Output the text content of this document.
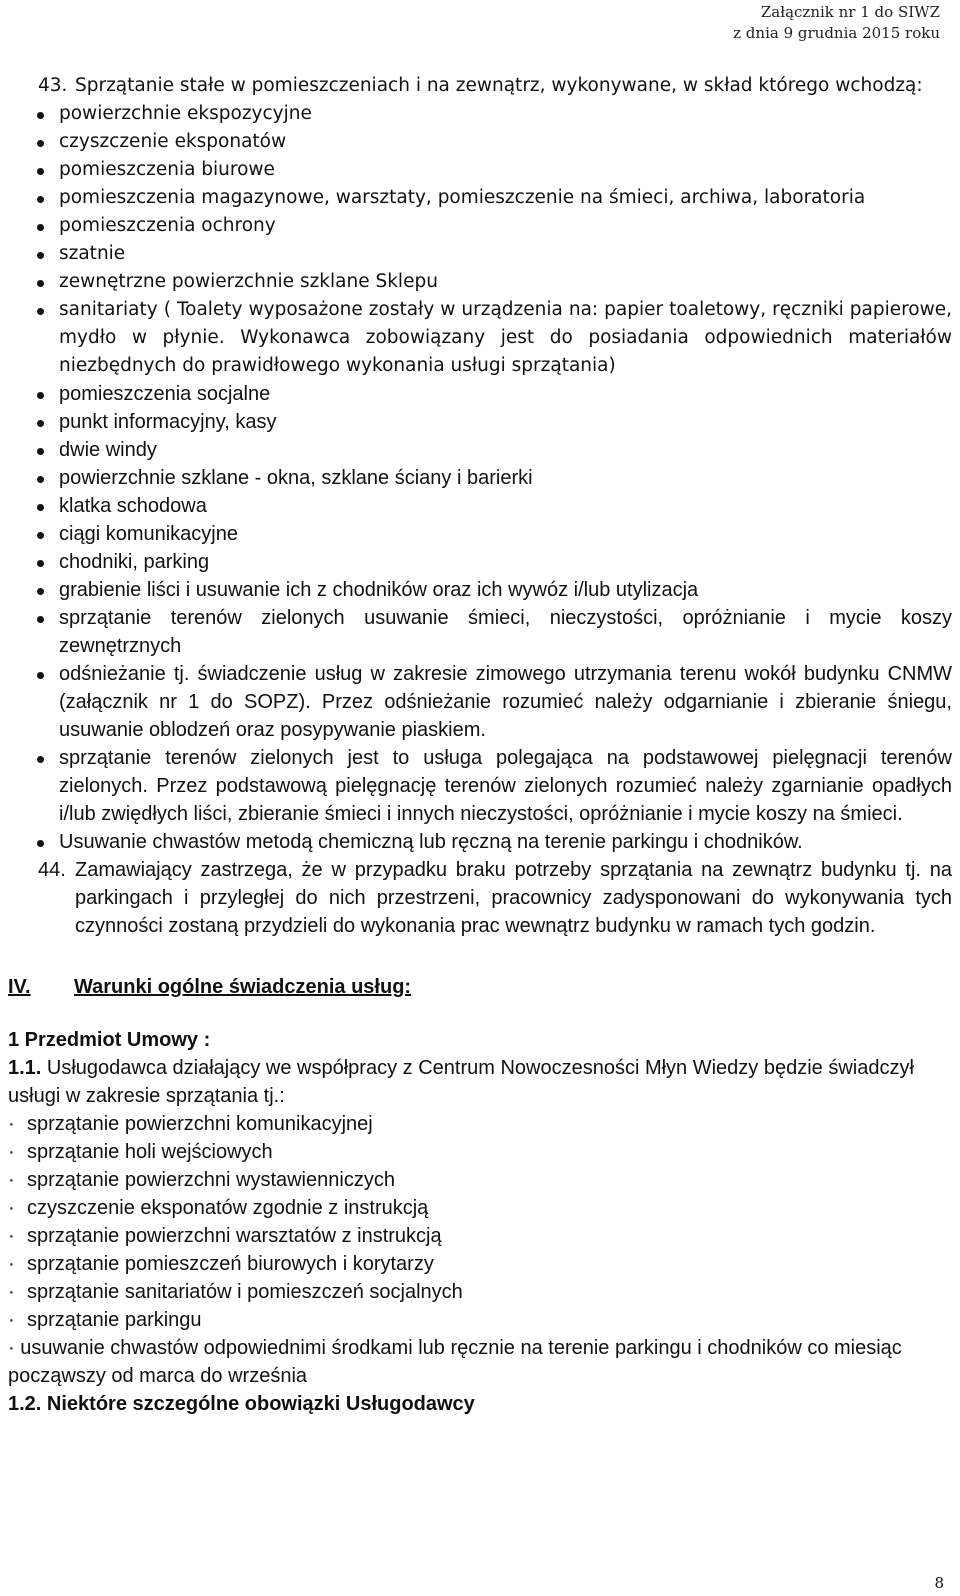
Załącznik nr 1 do SIWZ
z dnia 9 grudnia 2015 roku
43. Sprzątanie stałe w pomieszczeniach i na zewnątrz, wykonywane, w skład którego wchodzą:
powierzchnie ekspozycyjne
czyszczenie eksponatów
pomieszczenia biurowe
pomieszczenia magazynowe, warsztaty, pomieszczenie na śmieci, archiwa, laboratoria
pomieszczenia ochrony
szatnie
zewnętrzne powierzchnie szklane Sklepu
sanitariaty ( Toalety wyposażone zostały w urządzenia na: papier toaletowy, ręczniki papierowe, mydło w płynie. Wykonawca zobowiązany jest do posiadania odpowiednich materiałów niezbędnych do prawidłowego wykonania usługi sprzątania)
pomieszczenia socjalne
punkt informacyjny, kasy
dwie windy
powierzchnie szklane - okna, szklane ściany i barierki
klatka schodowa
ciągi komunikacyjne
chodniki, parking
grabienie liści i usuwanie ich z chodników oraz ich wywóz i/lub utylizacja
sprzątanie terenów zielonych usuwanie śmieci, nieczystości, opróżnianie i mycie koszy zewnętrznych
odśnieżanie tj. świadczenie usług w zakresie zimowego utrzymania terenu wokół budynku CNMW (załącznik nr 1 do SOPZ). Przez odśnieżanie rozumieć należy odgarnianie i zbieranie śniegu, usuwanie oblodzeń oraz posypywanie piaskiem.
sprzątanie terenów zielonych jest to usługa polegająca na podstawowej pielęgnacji terenów zielonych. Przez podstawową pielęgnację terenów zielonych rozumieć należy zgarnianie opadłych i/lub zwiędłych liści, zbieranie śmieci i innych nieczystości, opróżnianie i mycie koszy na śmieci.
Usuwanie chwastów metodą chemiczną lub ręczną na terenie parkingu i chodników.
44. Zamawiający zastrzega, że w przypadku braku potrzeby sprzątania na zewnątrz budynku tj. na parkingach i przyległej do nich przestrzeni, pracownicy zadysponowani do wykonywania tych czynności zostaną przydzieli do wykonania prac wewnątrz budynku w ramach tych godzin.
IV.	Warunki ogólne świadczenia usług:
1 Przedmiot Umowy :
1.1. Usługodawca działający we współpracy z Centrum Nowoczesności Młyn Wiedzy będzie świadczył usługi w zakresie sprzątania tj.:
· sprzątanie powierzchni komunikacyjnej
· sprzątanie holi wejściowych
· sprzątanie powierzchni wystawienniczych
· czyszczenie eksponatów zgodnie z instrukcją
· sprzątanie powierzchni warsztatów z instrukcją
· sprzątanie pomieszczeń biurowych i korytarzy
· sprzątanie sanitariatów i pomieszczeń socjalnych
· sprzątanie parkingu
· usuwanie chwastów odpowiednimi środkami lub ręcznie na terenie parkingu i chodników co miesiąc począwszy od marca do września
1.2. Niektóre szczególne obowiązki Usługodawcy
8
